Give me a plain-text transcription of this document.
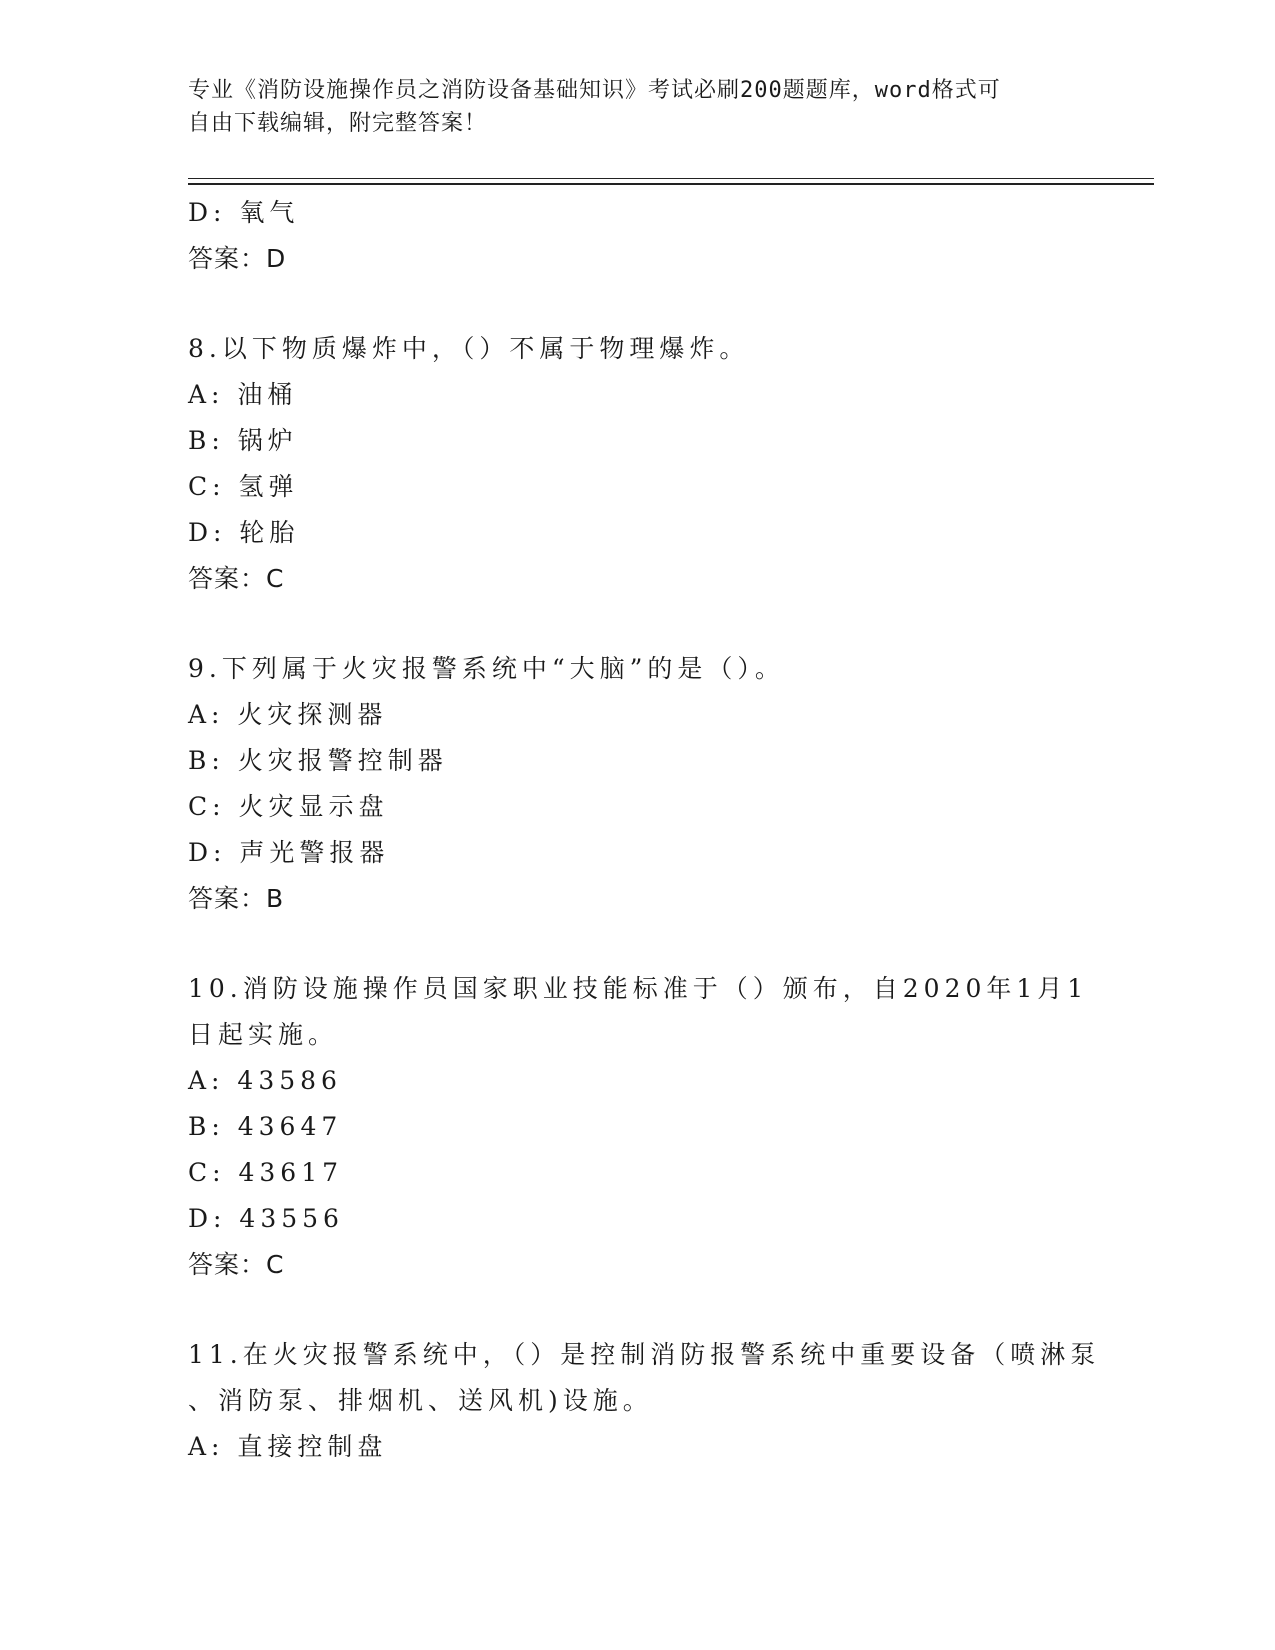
专业《消防设施操作员之消防设备基础知识》考试必刷200题题库，word格式可
自由下载编辑，附完整答案！
D: 氧气
答案：D
8.以下物质爆炸中，（）不属于物理爆炸。
A: 油桶
B: 锅炉
C: 氢弹
D: 轮胎
答案：C
9.下列属于火灾报警系统中“大脑”的是（）。
A: 火灾探测器
B: 火灾报警控制器
C: 火灾显示盘
D: 声光警报器
答案：B
10.消防设施操作员国家职业技能标准于（）颁布，自2020年1月1
日起实施。
A: 43586
B: 43647
C: 43617
D: 43556
答案：C
11.在火灾报警系统中，（）是控制消防报警系统中重要设备（喷淋泵
、消防泵、排烟机、送风机)设施。
A: 直接控制盘
